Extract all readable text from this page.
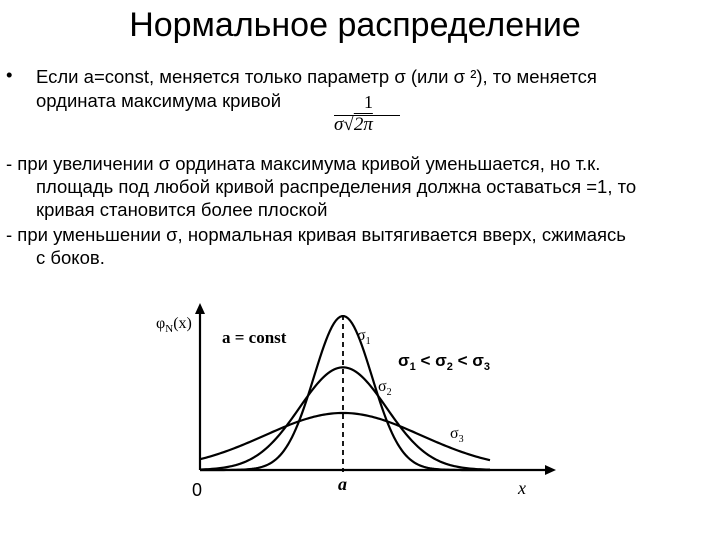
Нормальное распределение
• Если a=const, меняется только параметр σ (или σ ²), то меняется
ордината максимума кривой	1
σ√2π
- при увеличении σ ордината максимума кривой уменьшается, но т.к.
площадь под любой кривой распределения должна оставаться =1, то
кривая становится более плоской
- при уменьшении σ, нормальная кривая вытягивается вверх, сжимаясь
с боков.
$\varphi_N(x)$
a = const	$\sigma_1$
$\sigma_2$
$\sigma_3$
$\sigma_1 < \sigma_2 < \sigma_3$
0	a	x
